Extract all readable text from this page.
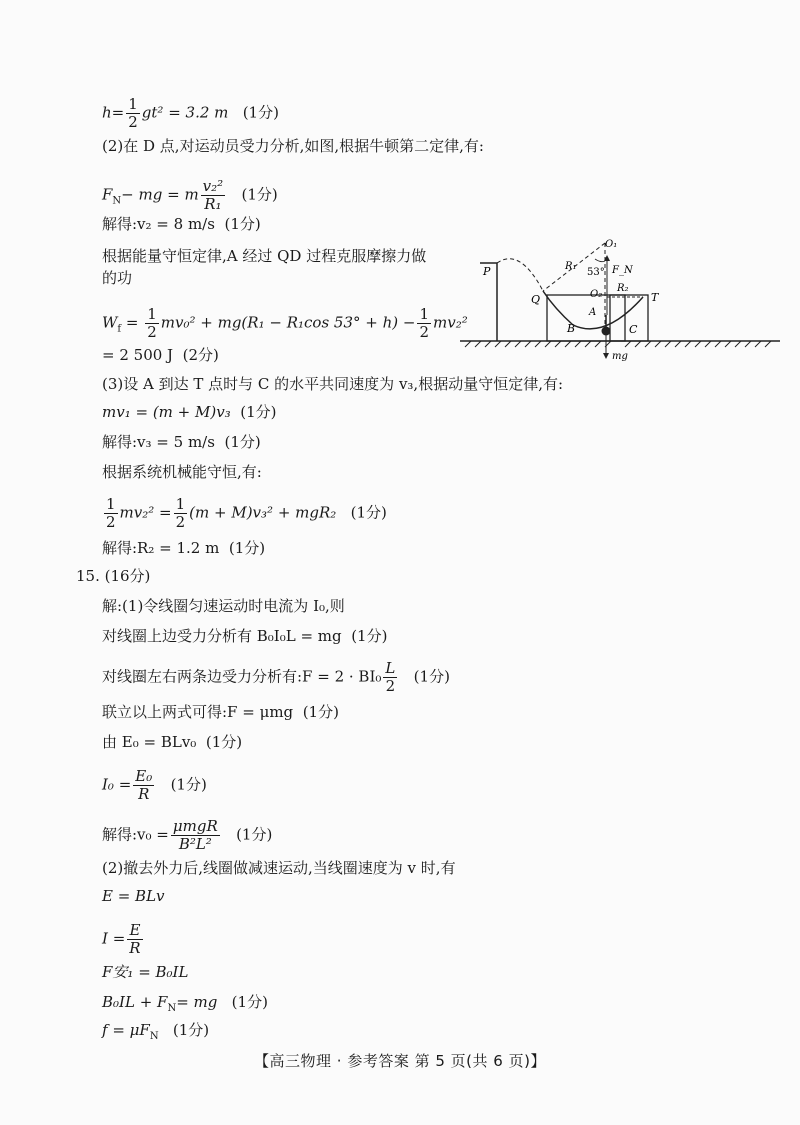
$h= \frac{1}{2} gt^2 = 3.2$ m (1分)
(2)在 D 点,对运动员受力分析,如图,根据牛顿第二定律,有:
$F_N-$ mg = m $\frac{\text{v₂²}}{\text{R₁}} (1$分)
解得:v₂ = 8 m/s (1分)
根据能量守恒定律,A 经过 QD 过程克服摩擦力做
的功
$W_f = \frac{1}{2} mv_0^2 + mg(R_1 - R_1\cos$ $53^\circ + h) - \frac{1}{2} mv_2^2$
= 2 500 J (2分)
(3)设 A 到达 T 点时与 C 的水平共同速度为 v₃,根据动量守恒定律,有:
mv₁ = (m + M)v₃ (1分)
解得:v₃ = 5 m/s (1分)
根据系统机械能守恒,有:
$\frac{1}{2} mv_2^2 = \frac{1}{2} (m + M)v_3^2 + mgR_2$ (1分)
解得:R₂ = 1.2 m (1分)
15. (16分)
解:(1)令线圈匀速运动时电流为 I₀,则
对线圈上边受力分析有 B₀I₀L = mg (1分)
对线圈左右两条边受力分析有:F = $2 \cdot BI_0 \frac{L}{2} (1$分)
联立以上两式可得:F = μmg (1分)
由 E₀ = BLv₀ (1分)
$I_0 = \frac{\text{E₀}}{R} (1$分)
解得:v₀ = $\frac{\text{μmgR}}{\text{B²L²}} (1$分)
(2)撤去外力后,线圈做减速运动,当线圈速度为 v 时,有
E = BLv
$I = \frac{E}{R}$
F安₁ = B₀IL
$B_0IL + F_N=$ mg (1分)
$f = \mu F_N$ (1分)
P
Q
B	C
O₁
R₁
53° F_N
O₂
R₂
T
A
mg
【高三物理 · 参考答案 第 5 页(共 6 页)】
